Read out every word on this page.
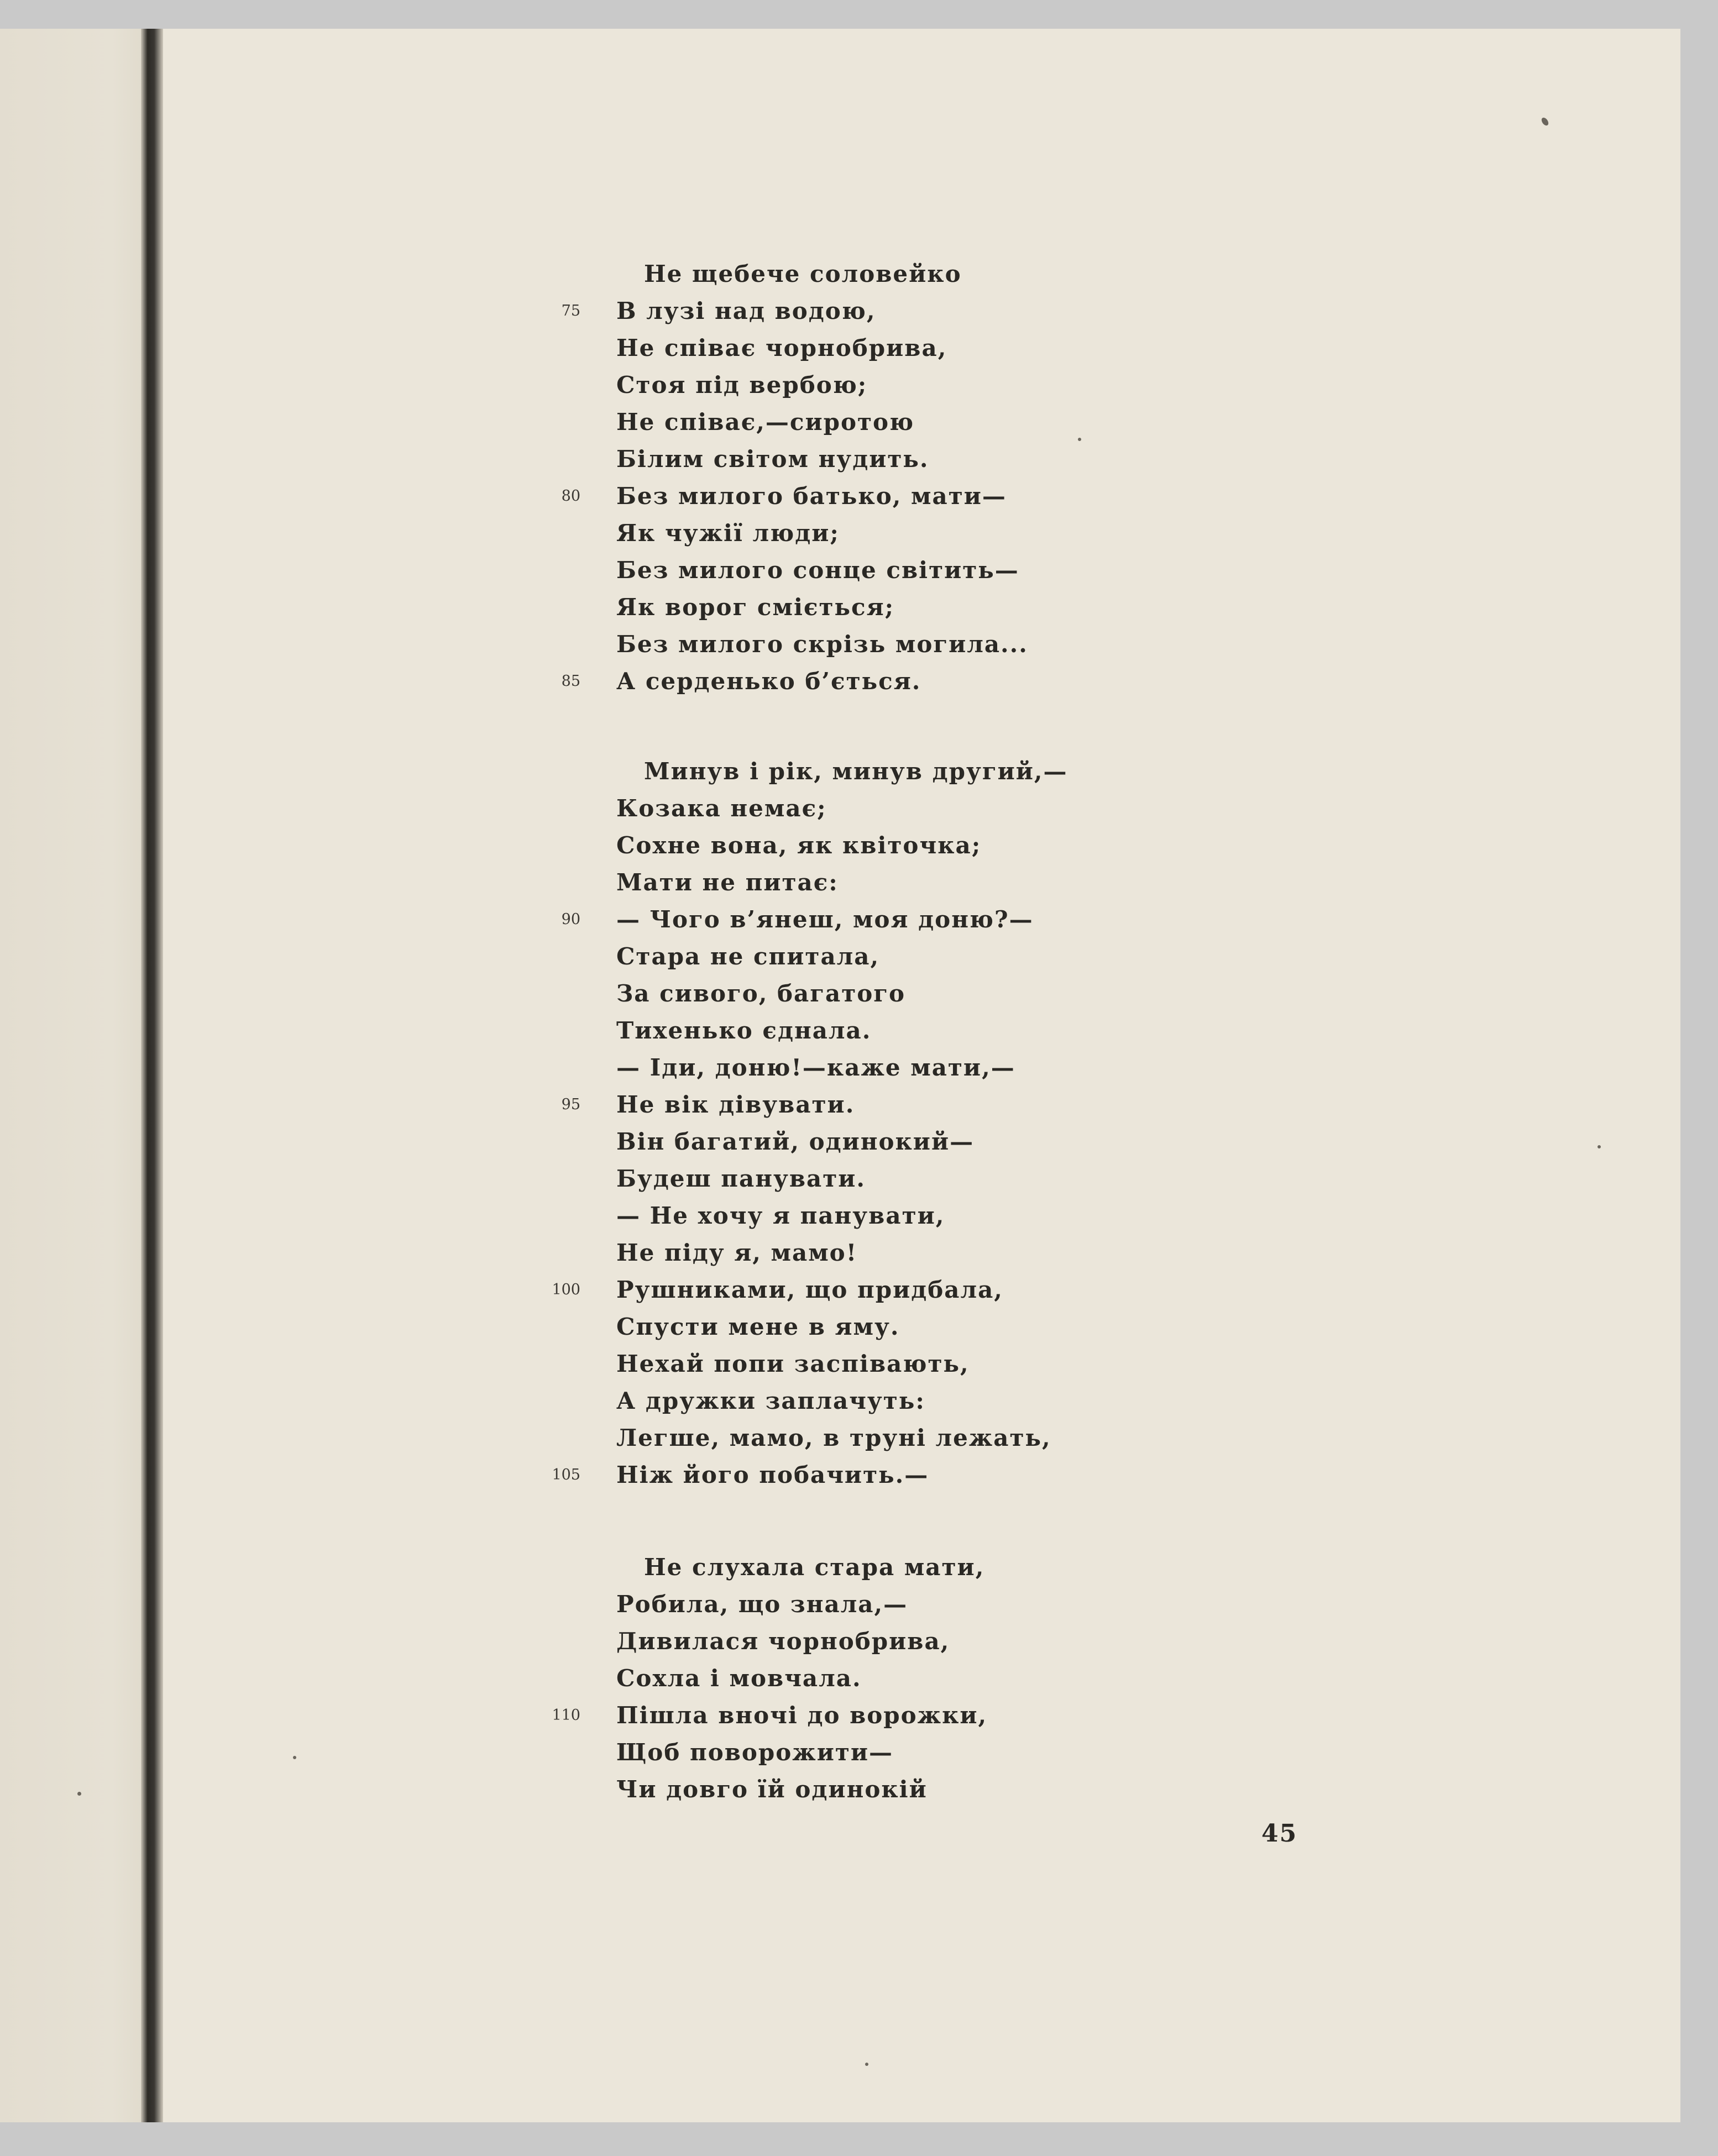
Не щебече соловейко
В лузі над водою,
75
Не співає чорнобрива,
Стоя під вербою;
Не співає,—сиротою
Білим світом нудить.
Без милого батько, мати—
80
Як чужії люди;
Без милого сонце світить—
Як ворог сміється;
Без милого скрізь могила...
А серденько б’ється.
85
Минув і рік, минув другий,—
Козака немає;
Сохне вона, як квіточка;
Мати не питає:
— Чого в’янеш, моя доню?—
90
Стара не спитала,
За сивого, багатого
Тихенько єднала.
— Іди, доню!—каже мати,—
Не вік дівувати.
95
Він багатий, одинокий—
Будеш панувати.
— Не хочу я панувати,
Не піду я, мамо!
Рушниками, що придбала,
100
Спусти мене в яму.
Нехай попи заспівають,
А дружки заплачуть:
Легше, мамо, в труні лежать,
Ніж його побачить.—
105
Не слухала стара мати,
Робила, що знала,—
Дивилася чорнобрива,
Сохла і мовчала.
Пішла вночі до ворожки,
110
Щоб поворожити—
Чи довго їй одинокій
45
